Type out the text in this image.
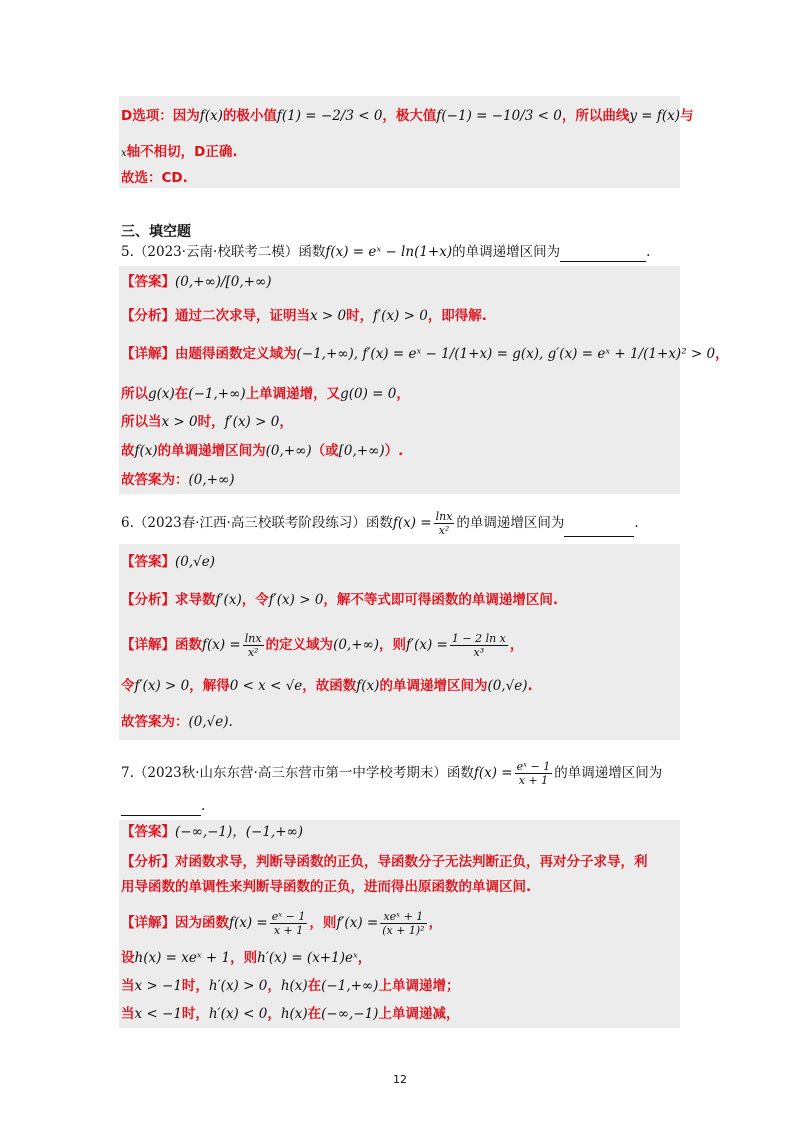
D选项：因为f(x)的极小值f(1) = −2/3 < 0，极大值f(−1) = −10/3 < 0，所以曲线y = f(x)与
x轴不相切，D正确.
故选：CD.
三、填空题
5.（2023·云南·校联考二模）函数f(x) = eˣ − ln(1+x)的单调递增区间为	.
【答案】(0,+∞)/[0,+∞)
【分析】通过二次求导，证明当x > 0时，f′(x) > 0，即得解.
【详解】由题得函数定义域为(−1,+∞), f′(x) = eˣ − 1/(1+x) = g(x), g′(x) = eˣ + 1/(1+x)² > 0，
所以g(x)在(−1,+∞)上单调递增，又g(0) = 0，
所以当x > 0时，f′(x) > 0，
故f(x)的单调递增区间为(0,+∞)（或[0,+∞)）.
故答案为：(0,+∞)
6.（2023春·江西·高三校联考阶段练习）函数$f(x) = \frac{\ln x}{\text{x²}}$ 的单调递增区间为	.
【答案】(0,√e)
【分析】求导数f′(x)，令f′(x) > 0，解不等式即可得函数的单调递增区间.
【详解】函数$f(x) = \frac{\ln x}{\text{x²}}$ 的定义域为(0,+∞)，则$f'(x) = \frac{\text{1 − 2 ln x}}{\text{x³}}$ ，
令f′(x) > 0，解得0 < x < √e，故函数f(x)的单调递增区间为(0,√e).
故答案为：(0,√e).
7.（2023秋·山东东营·高三东营市第一中学校考期末）函数$f(x) = \frac{\text{eˣ − 1}}{x + 1}$ 的单调递增区间为
.
【答案】(−∞,−1)，(−1,+∞)
【分析】对函数求导，判断导函数的正负，导函数分子无法判断正负，再对分子求导，利
用导函数的单调性来判断导函数的正负，进而得出原函数的单调区间.
【详解】因为函数$f(x) = \frac{\text{eˣ − 1}}{x + 1}$ ，则$f'(x) = \frac{\text{xeˣ + 1}}{\text{(x + 1)²}}$ ，
设h(x) = xeˣ + 1，则h′(x) = (x+1)eˣ，
当x > −1时，h′(x) > 0，h(x)在(−1,+∞)上单调递增；
当x < −1时，h′(x) < 0，h(x)在(−∞,−1)上单调递减，
12
